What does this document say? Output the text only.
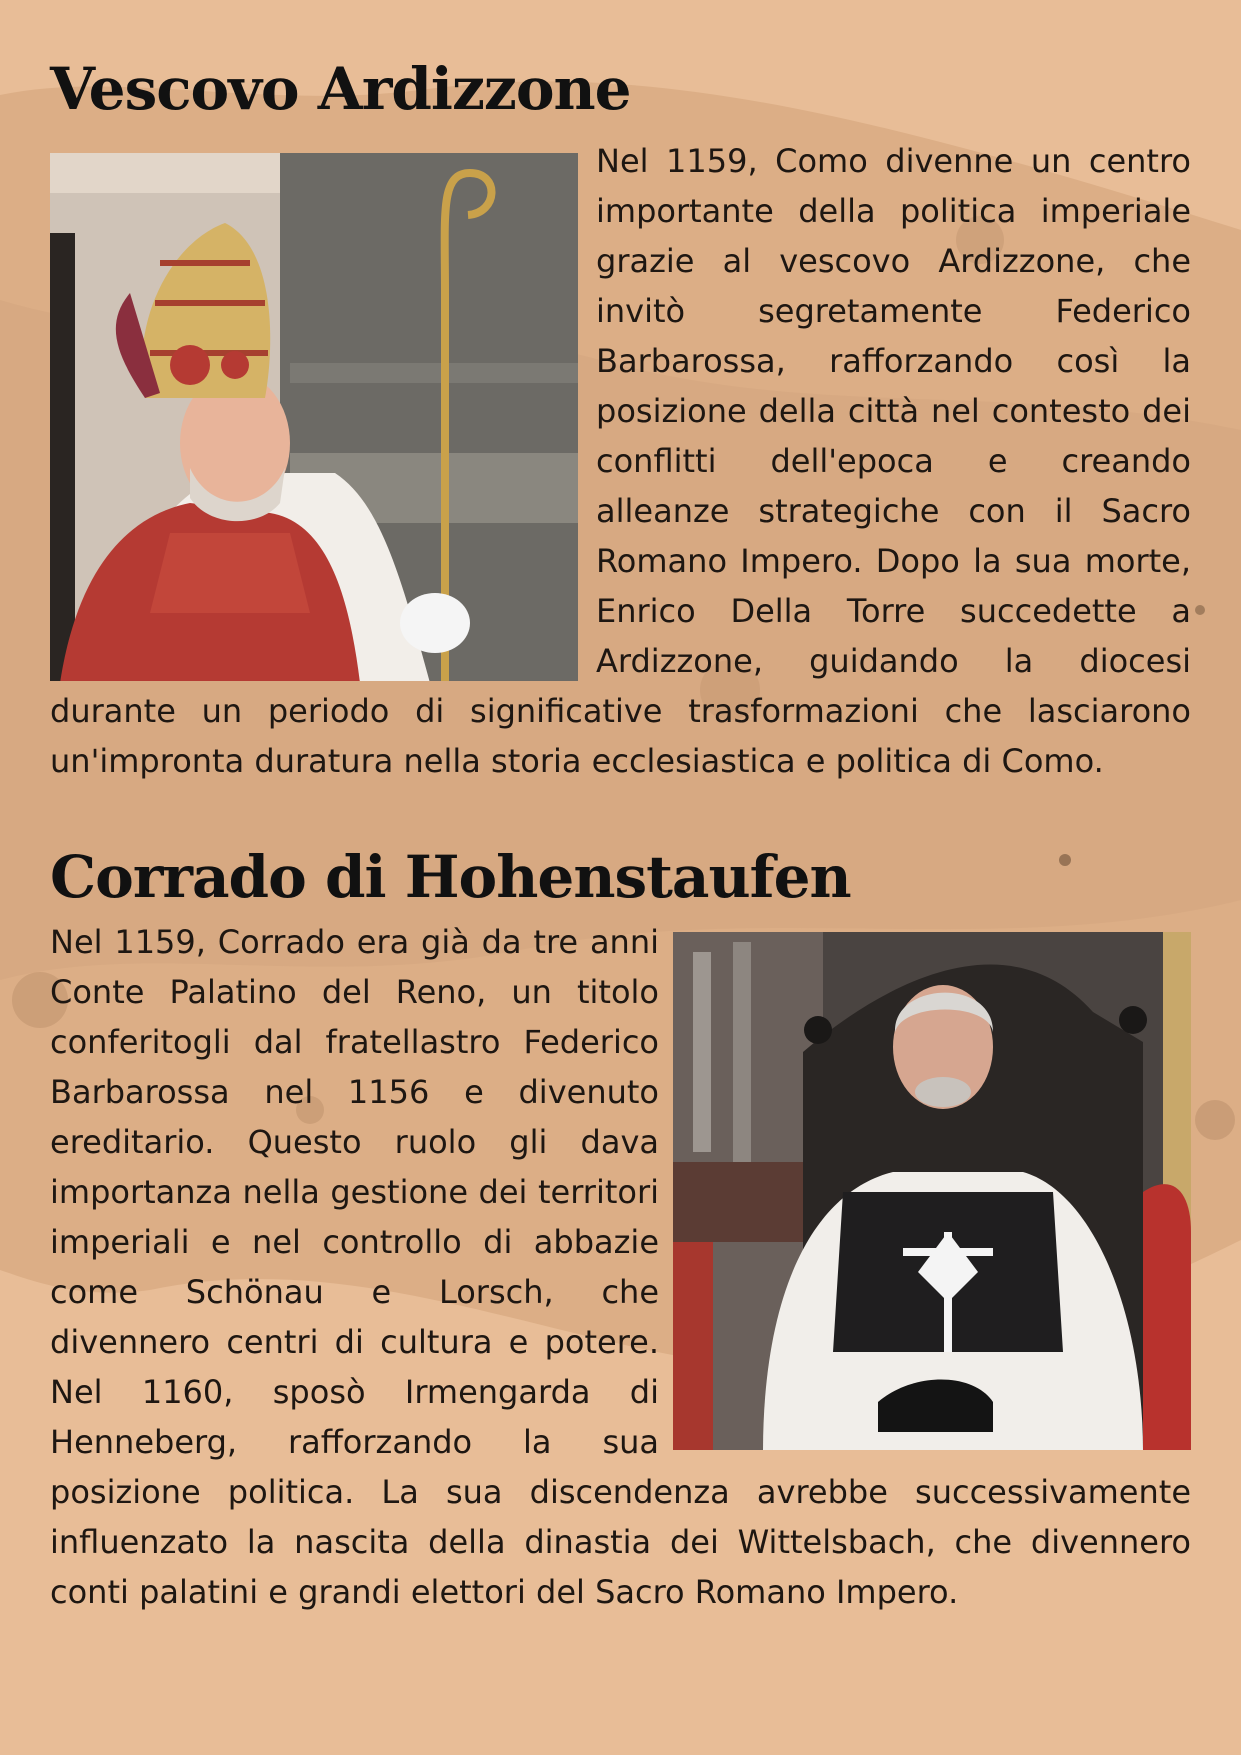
Vescovo Ardizzone

Nel 1159, Como divenne un centro importante della politica imperiale grazie al vescovo Ardizzone, che invitò segretamente Federico Barbarossa, rafforzando così la posizione della città nel contesto dei conflitti dell'epoca e creando alleanze strategiche con il Sacro Romano Impero. Dopo la sua morte, Enrico Della Torre succedette a Ardizzone, guidando la diocesi durante un periodo di significative trasformazioni che lasciarono un'impronta duratura nella storia ecclesiastica e politica di Como.

Corrado di Hohenstaufen

Nel 1159, Corrado era già da tre anni Conte Palatino del Reno, un titolo conferitogli dal fratellastro Federico Barbarossa nel 1156 e divenuto ereditario. Questo ruolo gli dava importanza nella gestione dei territori imperiali e nel controllo di abbazie come Schönau e Lorsch, che divennero centri di cultura e potere. Nel 1160, sposò Irmengarda di Henneberg, rafforzando la sua posizione politica. La sua discendenza avrebbe successivamente influenzato la nascita della dinastia dei Wittelsbach, che divennero conti palatini e grandi elettori del Sacro Romano Impero.
